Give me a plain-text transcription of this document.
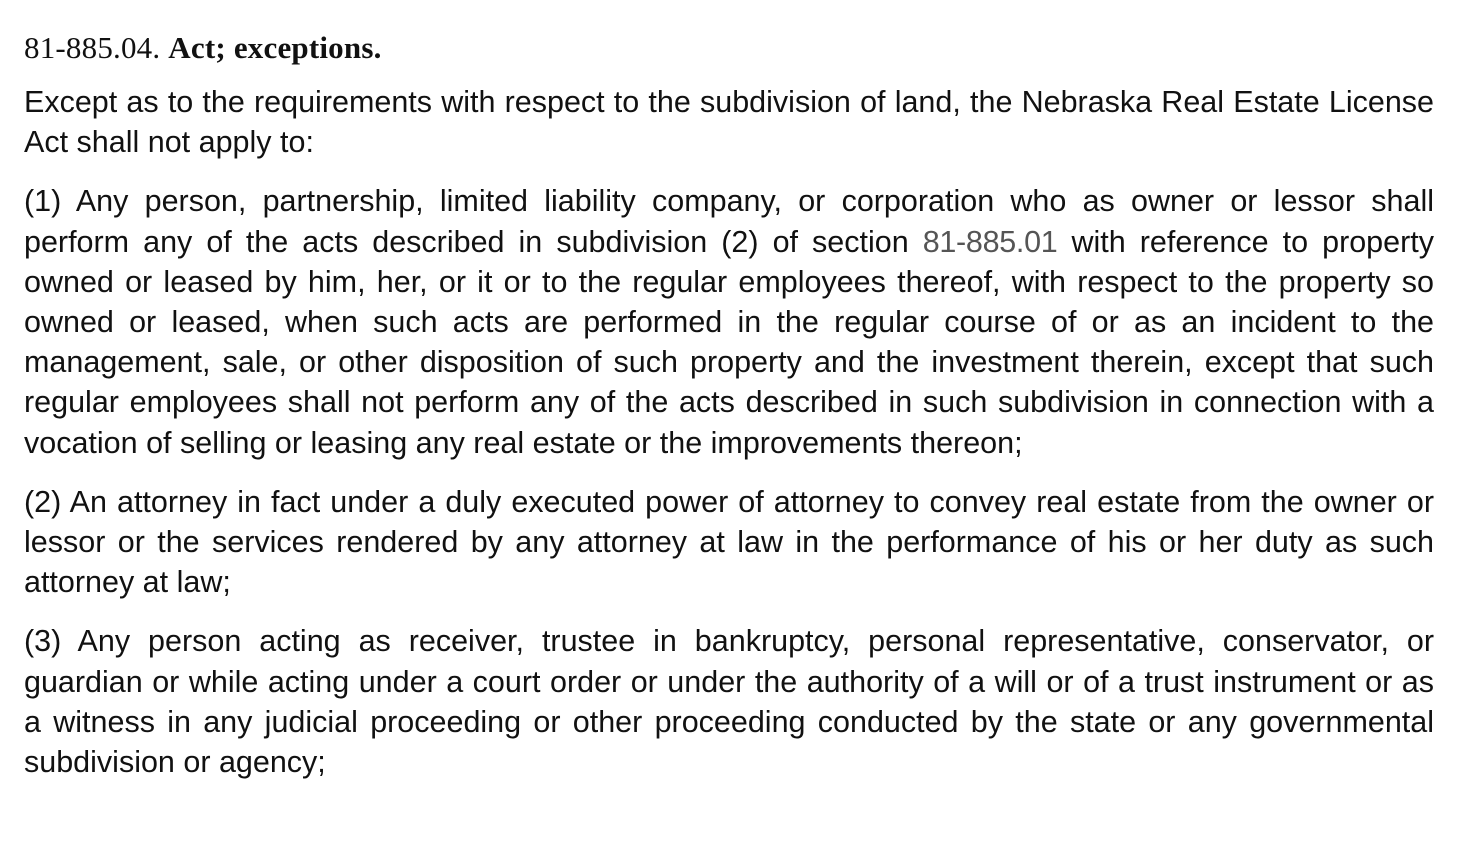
81-885.04. Act; exceptions.

Except as to the requirements with respect to the subdivision of land, the Nebraska Real Estate License Act shall not apply to:

(1) Any person, partnership, limited liability company, or corporation who as owner or lessor shall perform any of the acts described in subdivision (2) of section 81-885.01 with reference to property owned or leased by him, her, or it or to the regular employees thereof, with respect to the property so owned or leased, when such acts are performed in the regular course of or as an incident to the management, sale, or other disposition of such property and the investment therein, except that such regular employees shall not perform any of the acts described in such subdivision in connection with a vocation of selling or leasing any real estate or the improvements thereon;

(2) An attorney in fact under a duly executed power of attorney to convey real estate from the owner or lessor or the services rendered by any attorney at law in the performance of his or her duty as such attorney at law;

(3) Any person acting as receiver, trustee in bankruptcy, personal representative, conservator, or guardian or while acting under a court order or under the authority of a will or of a trust instrument or as a witness in any judicial proceeding or other proceeding conducted by the state or any governmental subdivision or agency;
